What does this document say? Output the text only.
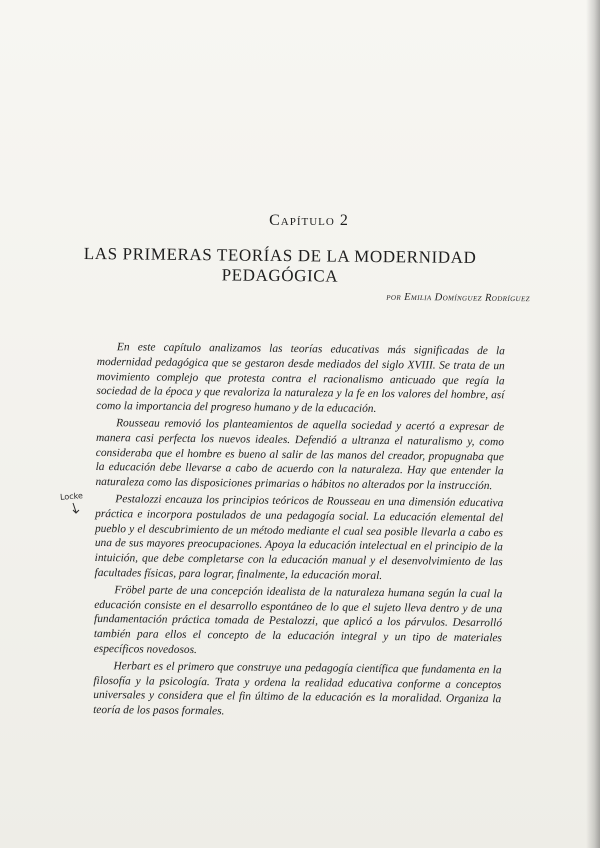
Capítulo 2
LAS PRIMERAS TEORÍAS DE LA MODERNIDAD PEDAGÓGICA
por Emilia Domínguez Rodríguez

En este capítulo analizamos las teorías educativas más significadas de la modernidad pedagógica que se gestaron desde mediados del siglo XVIII. Se trata de un movimiento complejo que protesta contra el racionalismo anticuado que regía la sociedad de la época y que revaloriza la naturaleza y la fe en los valores del hombre, así como la importancia del progreso humano y de la educación.

Rousseau removió los planteamientos de aquella sociedad y acertó a expresar de manera casi perfecta los nuevos ideales. Defendió a ultranza el naturalismo y, como consideraba que el hombre es bueno al salir de las manos del creador, propugnaba que la educación debe llevarse a cabo de acuerdo con la naturaleza. Hay que entender la naturaleza como las disposiciones primarias o hábitos no alterados por la instrucción.

Pestalozzi encauza los principios teóricos de Rousseau en una dimensión educativa práctica e incorpora postulados de una pedagogía social. La educación elemental del pueblo y el descubrimiento de un método mediante el cual sea posible llevarla a cabo es una de sus mayores preocupaciones. Apoya la educación intelectual en el principio de la intuición, que debe completarse con la educación manual y el desenvolvimiento de las facultades físicas, para lograr, finalmente, la educación moral.

Fröbel parte de una concepción idealista de la naturaleza humana según la cual la educación consiste en el desarrollo espontáneo de lo que el sujeto lleva dentro y de una fundamentación práctica tomada de Pestalozzi, que aplicó a los párvulos. Desarrolló también para ellos el concepto de la educación integral y un tipo de materiales específicos novedosos.

Herbart es el primero que construye una pedagogía científica que fundamenta en la filosofía y la psicología. Trata y ordena la realidad educativa conforme a conceptos universales y considera que el fin último de la educación es la moralidad. Organiza la teoría de los pasos formales.

Locke
